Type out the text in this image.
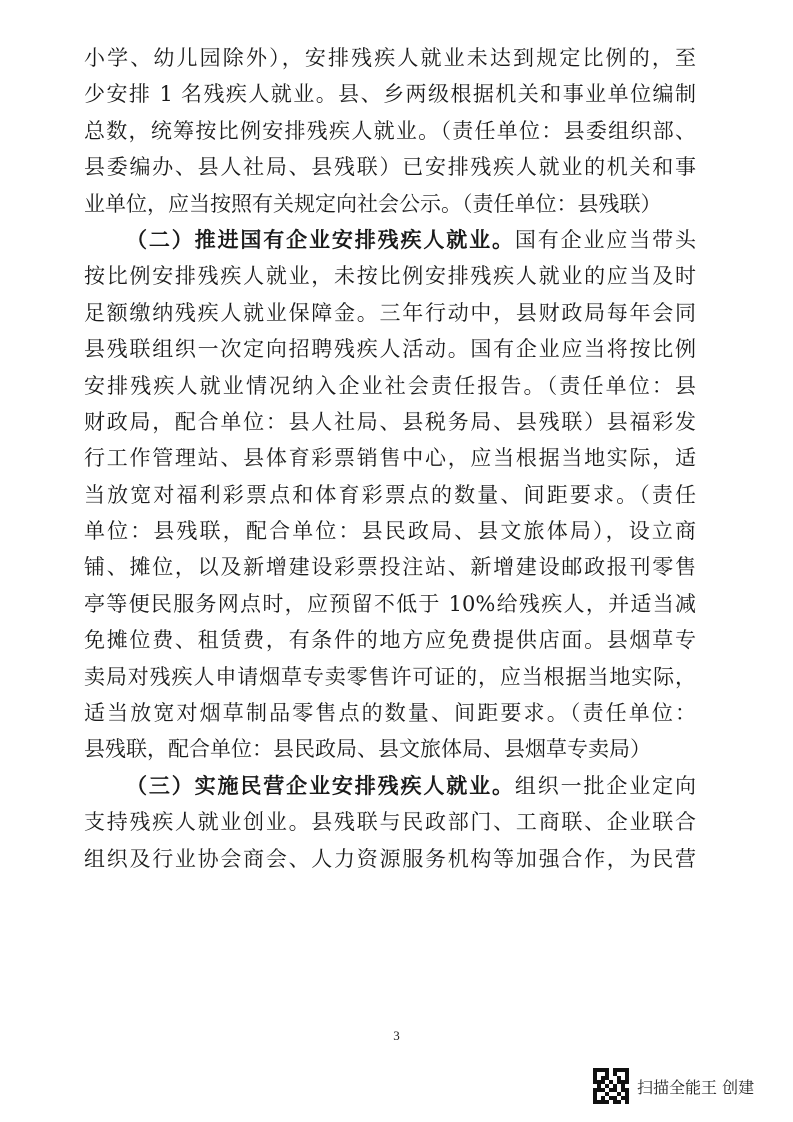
小学、幼儿园除外），安排残疾人就业未达到规定比例的，至
少安排 1 名残疾人就业。县、乡两级根据机关和事业单位编制
总数，统筹按比例安排残疾人就业。（责任单位：县委组织部、
县委编办、县人社局、县残联）已安排残疾人就业的机关和事
业单位，应当按照有关规定向社会公示。（责任单位：县残联）
（二）推进国有企业安排残疾人就业。国有企业应当带头
按比例安排残疾人就业，未按比例安排残疾人就业的应当及时
足额缴纳残疾人就业保障金。三年行动中，县财政局每年会同
县残联组织一次定向招聘残疾人活动。国有企业应当将按比例
安排残疾人就业情况纳入企业社会责任报告。（责任单位：县
财政局，配合单位：县人社局、县税务局、县残联）县福彩发
行工作管理站、县体育彩票销售中心，应当根据当地实际，适
当放宽对福利彩票点和体育彩票点的数量、间距要求。（责任
单位：县残联，配合单位：县民政局、县文旅体局），设立商
铺、摊位，以及新增建设彩票投注站、新增建设邮政报刊零售
亭等便民服务网点时，应预留不低于 10%给残疾人，并适当减
免摊位费、租赁费，有条件的地方应免费提供店面。县烟草专
卖局对残疾人申请烟草专卖零售许可证的，应当根据当地实际，
适当放宽对烟草制品零售点的数量、间距要求。（责任单位：
县残联，配合单位：县民政局、县文旅体局、县烟草专卖局）
（三）实施民营企业安排残疾人就业。组织一批企业定向
支持残疾人就业创业。县残联与民政部门、工商联、企业联合
组织及行业协会商会、人力资源服务机构等加强合作，为民营
3
扫描全能王 创建
